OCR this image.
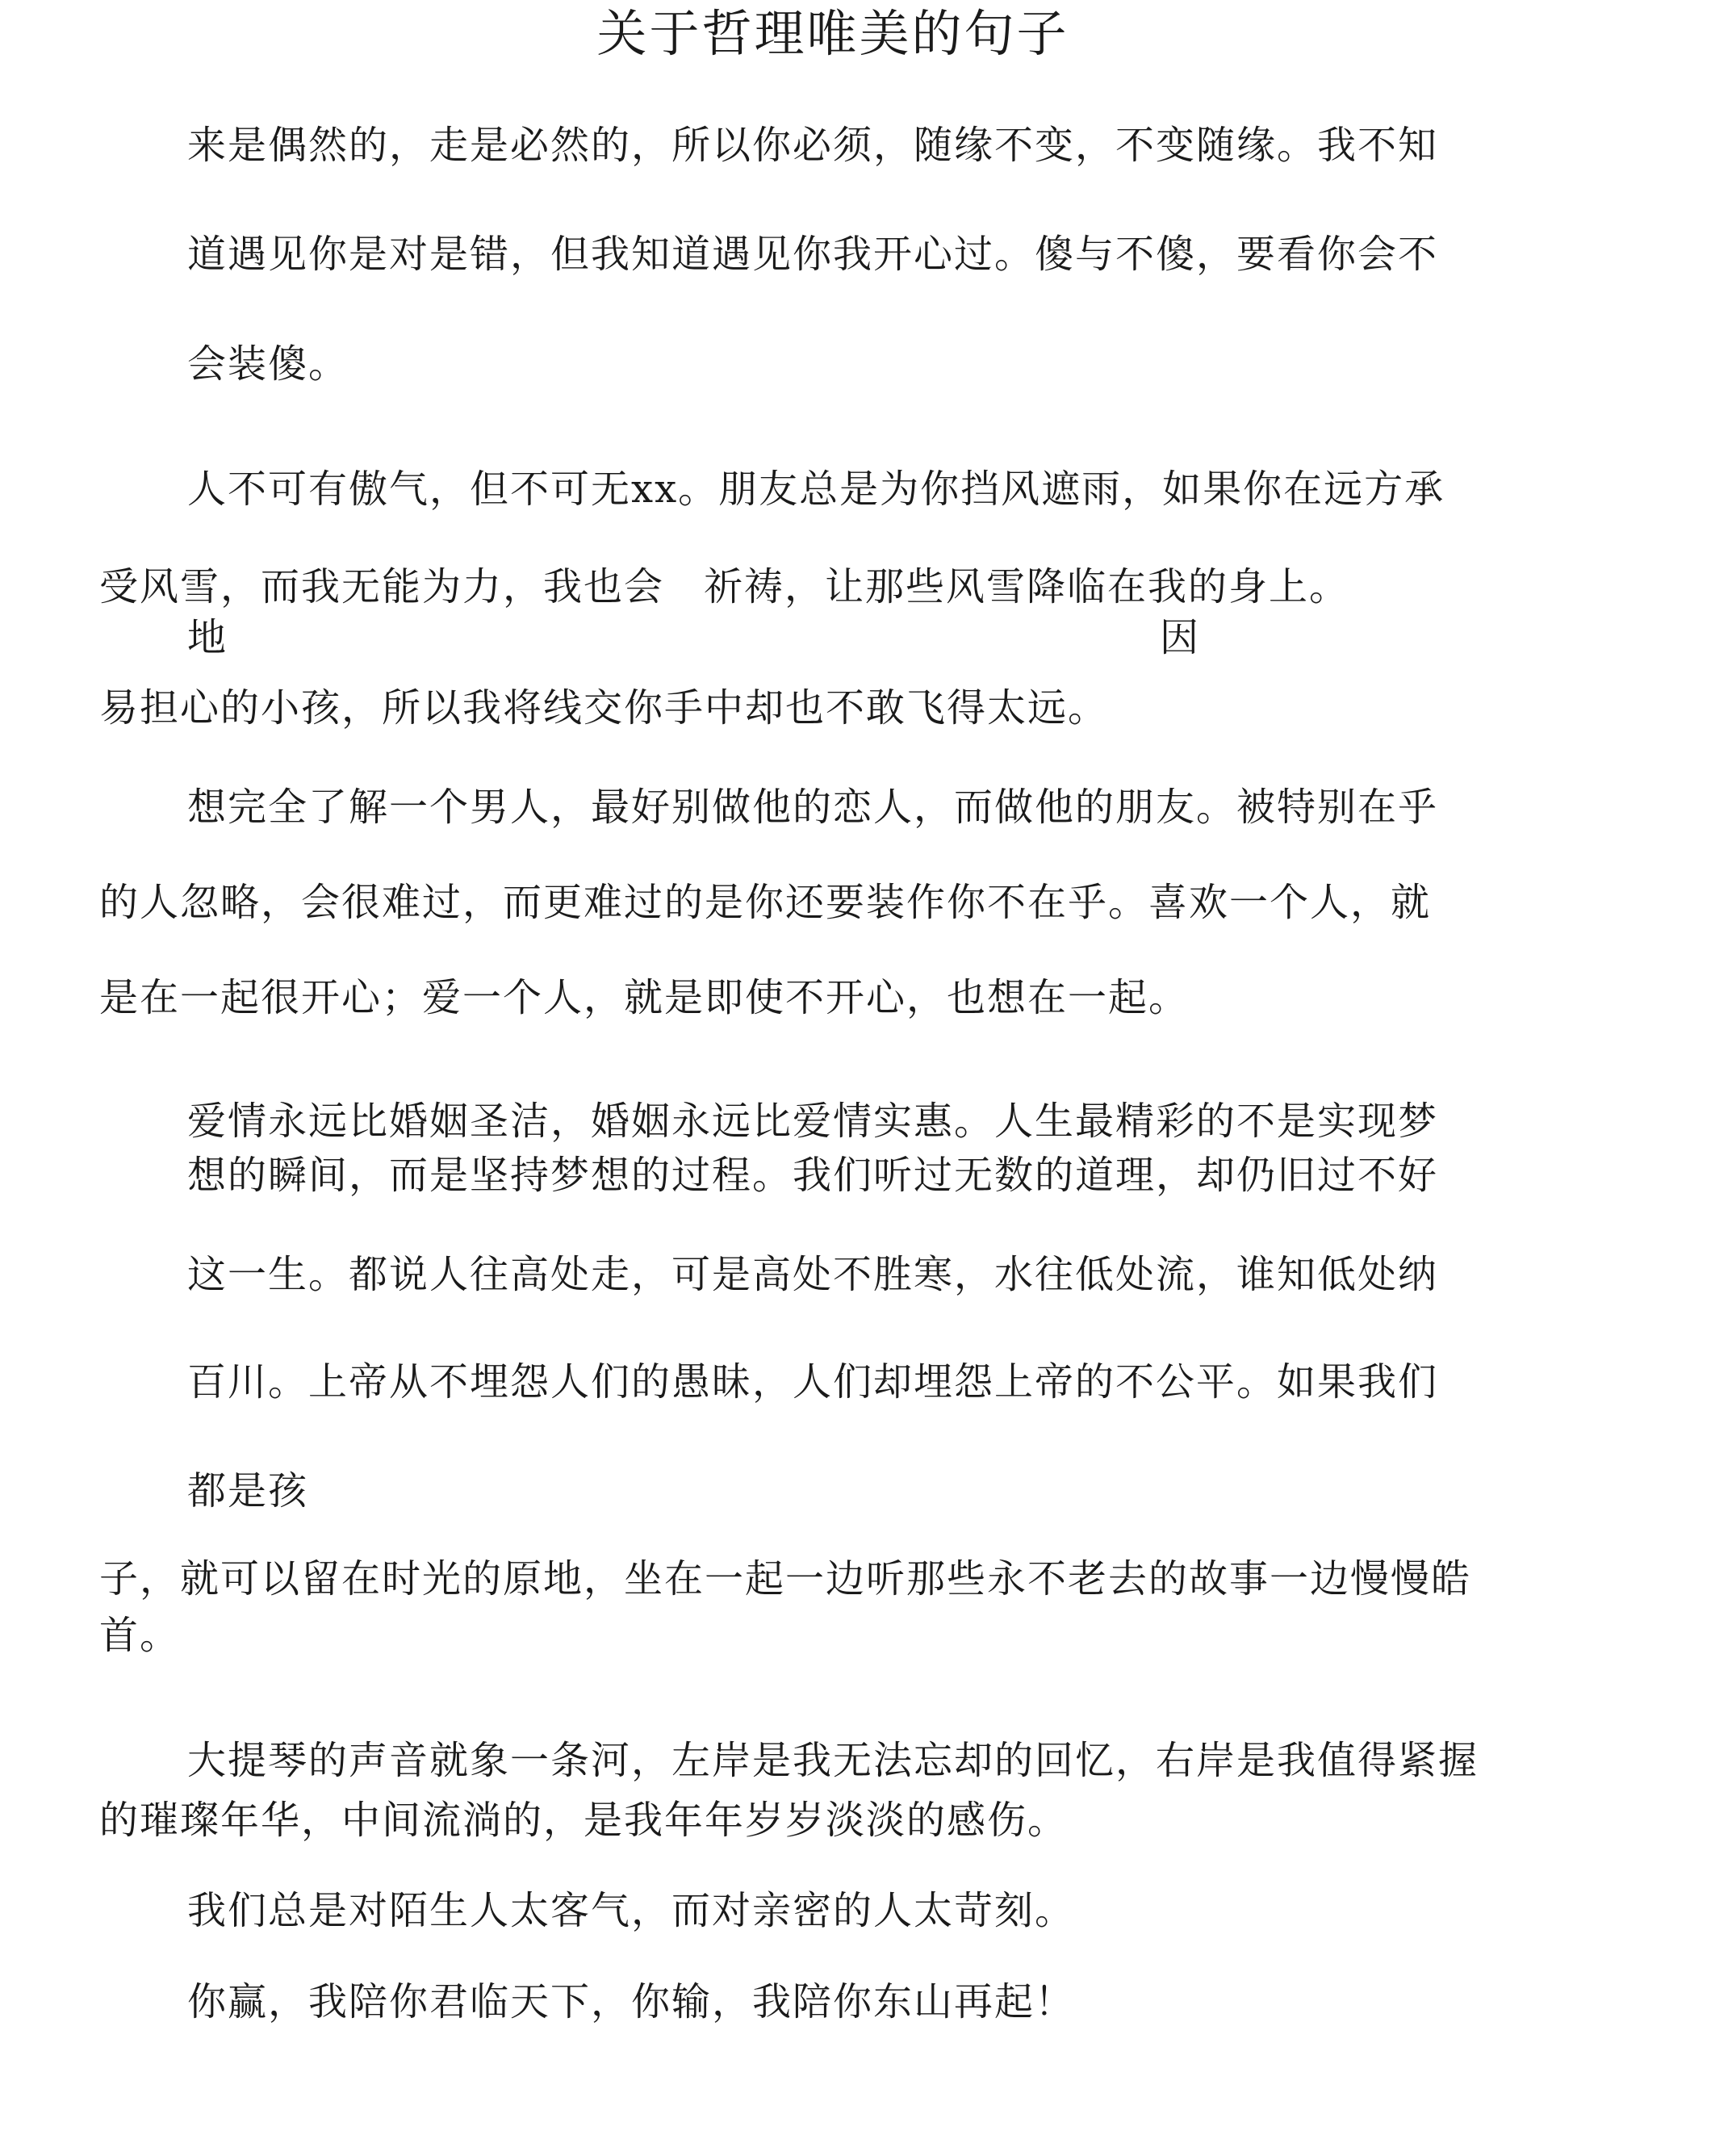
关于哲理唯美的句子

来是偶然的，走是必然的，所以你必须，随缘不变，不变随缘。我不知

道遇见你是对是错，但我知道遇见你我开心过。傻与不傻，要看你会不

会装傻。

人不可有傲气，但不可无xx。朋友总是为你挡风遮雨，如果你在远方承

受风雪，而我无能为力，我也会 祈祷，让那些风雪降临在我的身上。

地	因

易担心的小孩，所以我将线交你手中却也不敢飞得太远。

想完全了解一个男人，最好别做他的恋人，而做他的朋友。被特别在乎

的人忽略，会很难过，而更难过的是你还要装作你不在乎。喜欢一个人，就

是在一起很开心；爱一个人，就是即使不开心，也想在一起。

爱情永远比婚姻圣洁，婚姻永远比爱情实惠。人生最精彩的不是实现梦

想的瞬间，而是坚持梦想的过程。我们听过无数的道理，却仍旧过不好

这一生。都说人往高处走，可是高处不胜寒，水往低处流，谁知低处纳

百川。上帝从不埋怨人们的愚昧，人们却埋怨上帝的不公平。如果我们

都是孩

子，就可以留在时光的原地，坐在一起一边听那些永不老去的故事一边慢慢皓

首。

大提琴的声音就象一条河，左岸是我无法忘却的回忆，右岸是我值得紧握

的璀璨年华，中间流淌的，是我年年岁岁淡淡的感伤。

我们总是对陌生人太客气，而对亲密的人太苛刻。

你赢，我陪你君临天下，你输，我陪你东山再起！
